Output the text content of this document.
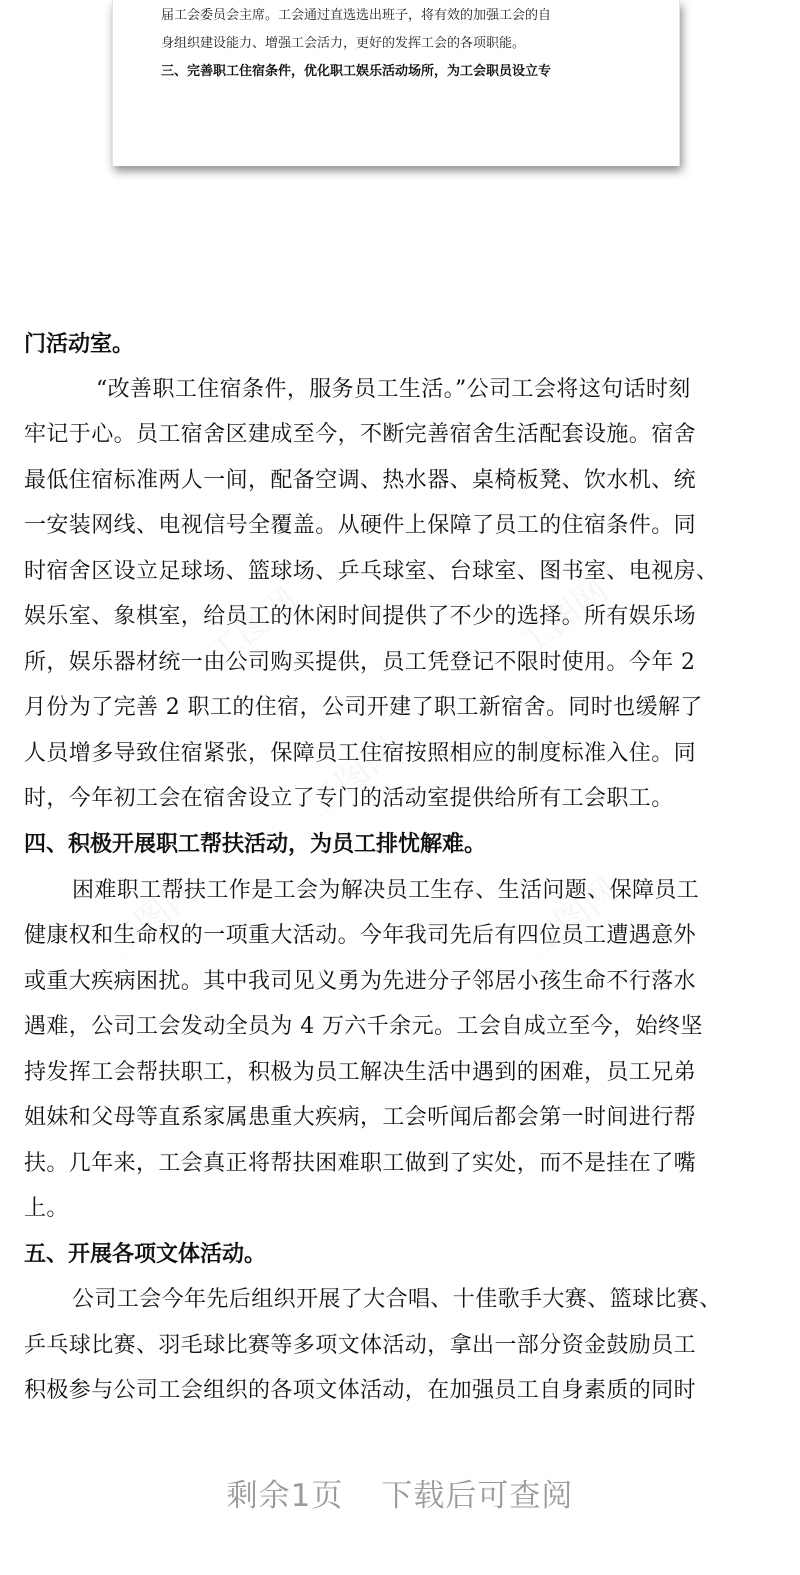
届工会委员会主席。工会通过直选选出班子，将有效的加强工会的自
身组织建设能力、增强工会活力，更好的发挥工会的各项职能。
三、完善职工住宿条件，优化职工娱乐活动场所，为工会职员设立专
门活动室。
“改善职工住宿条件，服务员工生活。”公司工会将这句话时刻
牢记于心。员工宿舍区建成至今，不断完善宿舍生活配套设施。宿舍
最低住宿标准两人一间，配备空调、热水器、桌椅板凳、饮水机、统
一安装网线、电视信号全覆盖。从硬件上保障了员工的住宿条件。同
时宿舍区设立足球场、篮球场、乒乓球室、台球室、图书室、电视房、
娱乐室、象棋室，给员工的休闲时间提供了不少的选择。所有娱乐场
所，娱乐器材统一由公司购买提供，员工凭登记不限时使用。今年 2
月份为了完善 2 职工的住宿，公司开建了职工新宿舍。同时也缓解了
人员增多导致住宿紧张，保障员工住宿按照相应的制度标准入住。同
时，今年初工会在宿舍设立了专门的活动室提供给所有工会职工。
四、积极开展职工帮扶活动，为员工排忧解难。
困难职工帮扶工作是工会为解决员工生存、生活问题、保障员工
健康权和生命权的一项重大活动。今年我司先后有四位员工遭遇意外
或重大疾病困扰。其中我司见义勇为先进分子邻居小孩生命不行落水
遇难，公司工会发动全员为 4 万六千余元。工会自成立至今，始终坚
持发挥工会帮扶职工，积极为员工解决生活中遇到的困难，员工兄弟
姐妹和父母等直系家属患重大疾病，工会听闻后都会第一时间进行帮
扶。几年来，工会真正将帮扶困难职工做到了实处，而不是挂在了嘴
上。
五、开展各项文体活动。
公司工会今年先后组织开展了大合唱、十佳歌手大赛、篮球比赛、
乒乓球比赛、羽毛球比赛等多项文体活动，拿出一部分资金鼓励员工
积极参与公司工会组织的各项文体活动，在加强员工自身素质的同时
剩余1页 下载后可查阅
